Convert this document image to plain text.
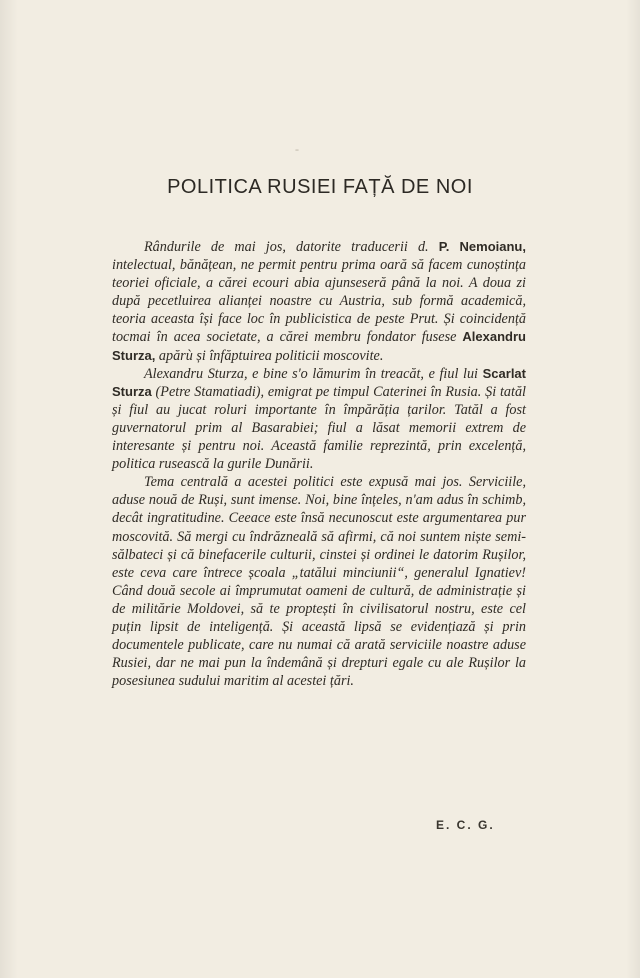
-
POLITICA RUSIEI FAȚĂ DE NOI

Rândurile de mai jos, datorite traducerii d. P. Nemoianu, intelectual, bănățean, ne permit pentru prima oară să facem cunoștința teoriei oficiale, a cărei ecouri abia ajunseseră până la noi. A doua zi după pecetluirea alianței noastre cu Austria, sub formă academică, teoria aceasta își face loc în publicistica de peste Prut. Și coincidență tocmai în acea societate, a cărei membru fondator fusese Alexandru Sturza, apărù și înfăptuirea politicii moscovite.

Alexandru Sturza, e bine s'o lămurim în treacăt, e fiul lui Scarlat Sturza (Petre Stamatiadi), emigrat pe timpul Caterinei în Rusia. Și tatăl și fiul au jucat roluri importante în împărăția țarilor. Tatăl a fost guvernatorul prim al Basarabiei; fiul a lăsat memorii extrem de interesante și pentru noi. Această familie reprezintă, prin excelență, politica rusească la gurile Dunării.

Tema centrală a acestei politici este expusă mai jos. Serviciile, aduse nouă de Ruși, sunt imense. Noi, bine înțeles, n'am adus în schimb, decât ingratitudine. Ceeace este însă necunoscut este argumentarea pur moscovită. Să mergi cu îndrăzneală să afirmi, că noi suntem niște semi-sălbateci și că binefacerile culturii, cinstei și ordinei le datorim Rușilor, este ceva care întrece școala „tatălui minciunii“, generalul Ignatiev! Când două secole ai împrumutat oameni de cultură, de administrație și de militărie Moldovei, să te proptești în civilisatorul nostru, este cel puțin lipsit de inteligență. Și această lipsă se evidențiază și prin documentele publicate, care nu numai că arată serviciile noastre aduse Rusiei, dar ne mai pun la îndemână și drepturi egale cu ale Rușilor la posesiunea sudului maritim al acestei țări.

E. C. G.
